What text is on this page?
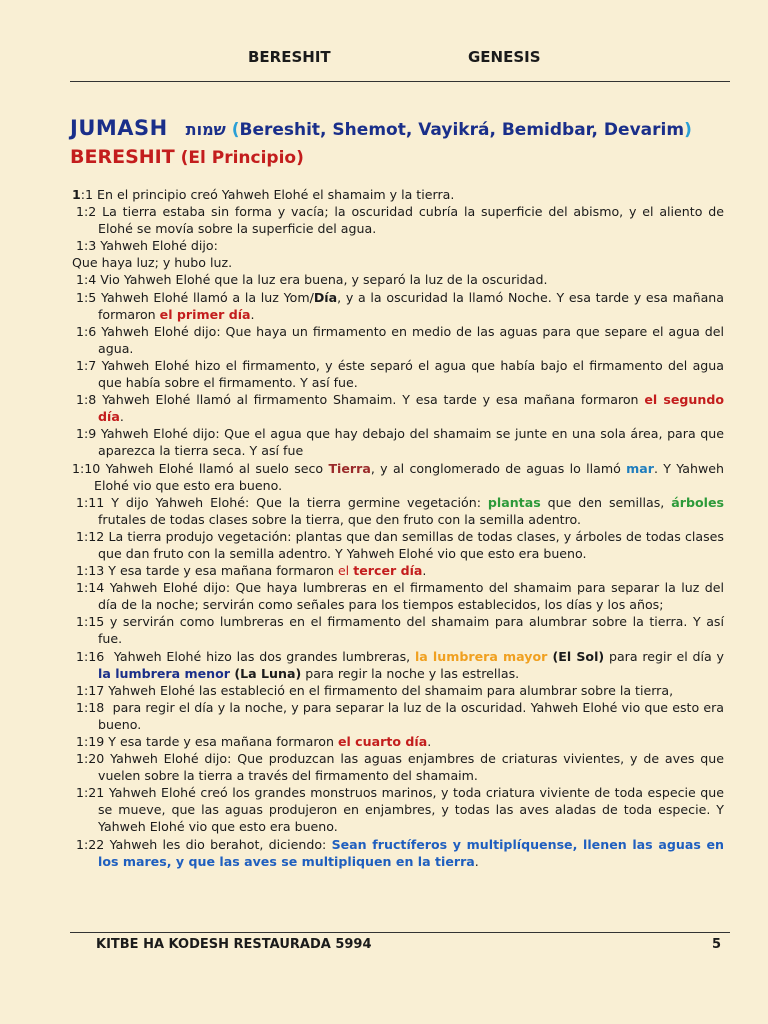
BERESHIT	GENESIS
JUMASH שמות (Bereshit, Shemot, Vayikrá, Bemidbar, Devarim)
BERESHIT (El Principio)
1:1 En el principio creó Yahweh Elohé el shamaim y la tierra.
1:2 La tierra estaba sin forma y vacía; la oscuridad cubría la superficie del abismo, y el aliento de Elohé se movía sobre la superficie del agua.
1:3 Yahweh Elohé dijo:
Que haya luz; y hubo luz.
1:4 Vio Yahweh Elohé que la luz era buena, y separó la luz de la oscuridad.
1:5 Yahweh Elohé llamó a la luz Yom/Día, y a la oscuridad la llamó Noche. Y esa tarde y esa mañana formaron el primer día.
1:6 Yahweh Elohé dijo: Que haya un firmamento en medio de las aguas para que separe el agua del agua.
1:7 Yahweh Elohé hizo el firmamento, y éste separó el agua que había bajo el firmamento del agua que había sobre el firmamento. Y así fue.
1:8 Yahweh Elohé llamó al firmamento Shamaim. Y esa tarde y esa mañana formaron el segundo día.
1:9 Yahweh Elohé dijo: Que el agua que hay debajo del shamaim se junte en una sola área, para que aparezca la tierra seca. Y así fue
1:10 Yahweh Elohé llamó al suelo seco Tierra, y al conglomerado de aguas lo llamó mar. Y Yahweh Elohé vio que esto era bueno.
1:11 Y dijo Yahweh Elohé: Que la tierra germine vegetación: plantas que den semillas, árboles frutales de todas clases sobre la tierra, que den fruto con la semilla adentro.
1:12 La tierra produjo vegetación: plantas que dan semillas de todas clases, y árboles de todas clases que dan fruto con la semilla adentro. Y Yahweh Elohé vio que esto era bueno.
1:13 Y esa tarde y esa mañana formaron el tercer día.
1:14 Yahweh Elohé dijo: Que haya lumbreras en el firmamento del shamaim para separar la luz del día de la noche; servirán como señales para los tiempos establecidos, los días y los años;
1:15 y servirán como lumbreras en el firmamento del shamaim para alumbrar sobre la tierra. Y así fue.
1:16  Yahweh Elohé hizo las dos grandes lumbreras, la lumbrera mayor (El Sol) para regir el día y la lumbrera menor (La Luna) para regir la noche y las estrellas.
1:17 Yahweh Elohé las estableció en el firmamento del shamaim para alumbrar sobre la tierra,
1:18  para regir el día y la noche, y para separar la luz de la oscuridad. Yahweh Elohé vio que esto era bueno.
1:19 Y esa tarde y esa mañana formaron el cuarto día.
1:20 Yahweh Elohé dijo: Que produzcan las aguas enjambres de criaturas vivientes, y de aves que vuelen sobre la tierra a través del firmamento del shamaim.
1:21 Yahweh Elohé creó los grandes monstruos marinos, y toda criatura viviente de toda especie que se mueve, que las aguas produjeron en enjambres, y todas las aves aladas de toda especie. Y Yahweh Elohé vio que esto era bueno.
1:22 Yahweh les dio berahot, diciendo: Sean fructíferos y multiplíquense, llenen las aguas en los mares, y que las aves se multipliquen en la tierra.
KITBE HA KODESH RESTAURADA 5994	5
